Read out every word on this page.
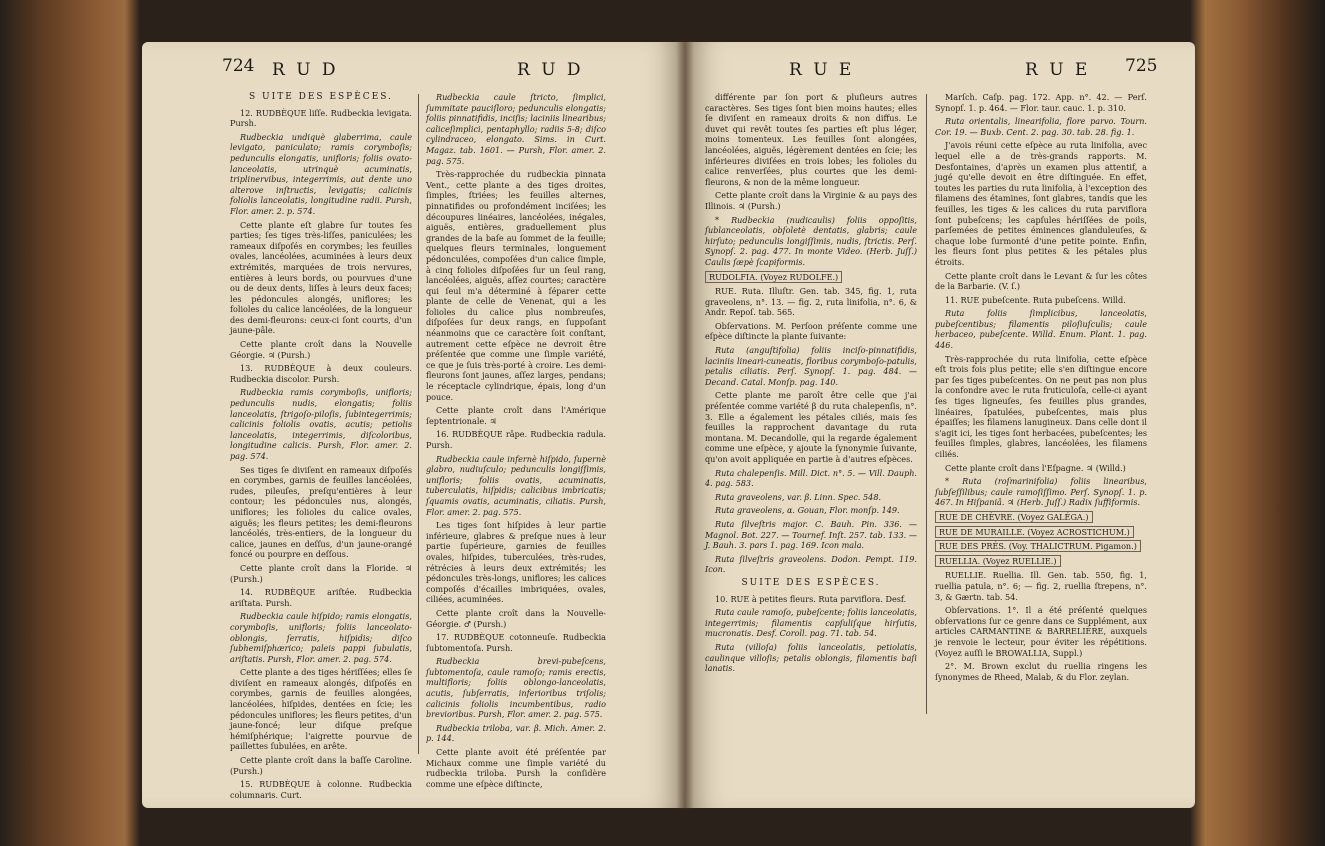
724 R U D	R U D

S UITE DES ESPÈCES.

12. RUDBÈQUE liſſe. Rudbeckia levigata. Pursh.

Rudbeckia undiquè glaberrima, caule levigato, paniculato; ramis corymboſis; pedunculis elongatis, unifloris; foliis ovato-lanceolatis, utrinquè acuminatis, triplinervibus, integerrimis, aut dente uno alterove inſtructis, levigatis; calicinis foliolis lanceolatis, longitudine radii. Pursh, Flor. amer. 2. p. 574.

Cette plante eſt glabre ſur toutes ſes parties; ſes tiges très-liſſes, paniculées; les rameaux diſpoſés en corymbes; les feuilles ovales, lancéolées, acuminées à leurs deux extrémités, marquées de trois nervures, entières à leurs bords, ou pourvues d'une ou de deux dents, liſſes à leurs deux faces; les pédoncules alongés, uniflores; les folioles du calice lancéolées, de la longueur des demi-fleurons: ceux-ci ſont courts, d'un jaune-pâle.

Cette plante croît dans la Nouvelle Géorgie. ♃ (Pursh.)

13. RUDBÈQUE à deux couleurs. Rudbeckia discolor. Pursh.

Rudbeckia ramis corymboſis, unifloris; pedunculis nudis, elongatis; foliis lanceolatis, ſtrigoſo-piloſis, ſubintegerrimis; calicinis foliolis ovatis, acutis; petiolis lanceolatis, integerrimis, diſcoloribus, longitudine calicis. Pursh, Flor. amer. 2. pag. 574.

Ses tiges ſe diviſent en rameaux diſpoſés en corymbes, garnis de feuilles lancéolées, rudes, pileuſes, preſqu'entières à leur contour; les pédoncules nus, alongés, uniflores; les folioles du calice ovales, aiguës; les fleurs petites; les demi-fleurons lancéolés, très-entiers, de la longueur du calice, jaunes en deſſus, d'un jaune-orangé foncé ou pourpre en deſſous.

Cette plante croît dans la Floride. ♃ (Pursh.)

14. RUDBÈQUE ariſtée. Rudbeckia ariſtata. Pursh.

Rudbeckia caule hiſpido; ramis elongatis, corymboſis, unifloris; foliis lanceolato-oblongis, ſerratis, hiſpidis; diſco ſubhemiſphærico; paleis pappi ſubulatis, ariſtatis. Pursh, Flor. amer. 2. pag. 574.

Cette plante a des tiges hériſſées; elles ſe diviſent en rameaux alongés, diſpoſés en corymbes, garnis de feuilles alongées, lancéolées, hiſpides, dentées en ſcie; les pédoncules uniflores; les fleurs petites, d'un jaune-foncé; leur diſque preſque hémiſphérique; l'aigrette pourvue de paillettes ſubulées, en arête.

Cette plante croît dans la baſſe Caroline. (Pursh.)

15. RUDBÈQUE à colonne. Rudbeckia columnaris. Curt.

Rudbeckia caule ſtricto, ſimplici, ſummitate pauciſloro; pedunculis elongatis; foliis pinnatifidis, inciſis; laciniis linearibus; caliceſimplici, pentaphyllo; radiis 5-8; diſco cylindraceo, elongato. Sims. in Curt. Magaz. tab. 1601. — Pursh, Flor. amer. 2. pag. 575.

Très-rapprochée du rudbeckia pinnata Vent., cette plante a des tiges droites, ſimples, ſtriées; les feuilles alternes, pinnatifides ou profondément inciſées; les découpures linéaires, lancéolées, inégales, aiguës, entières, graduellement plus grandes de la baſe au ſommet de la feuille; quelques fleurs terminales, longuement pédonculées, compoſées d'un calice ſimple, à cinq folioles diſpoſées ſur un ſeul rang, lancéolées, aiguës, aſſez courtes; caractère qui ſeul m'a déterminé à ſéparer cette plante de celle de Venenat, qui a les folioles du calice plus nombreuſes, diſpoſées ſur deux rangs, en ſuppoſant néanmoins que ce caractère ſoit conſtant, autrement cette eſpèce ne devroit être préſentée que comme une ſimple variété, ce que je ſuis très-porté à croire. Les demi-fleurons ſont jaunes, aſſez larges, pendans; le réceptacle cylindrique, épais, long d'un pouce.

Cette plante croît dans l'Amérique ſeptentrionale. ♃

16. RUDBÈQUE râpe. Rudbeckia radula. Pursh.

Rudbeckia caule infernè hiſpido, ſupernè glabro, nudiuſculo; pedunculis longiſſimis, unifloris; foliis ovatis, acuminatis, tuberculatis, hiſpidis; calicibus imbricatis; ſquamis ovatis, acuminatis, ciliatis. Pursh, Flor. amer. 2. pag. 575.

Les tiges ſont hiſpides à leur partie inférieure, glabres & preſque nues à leur partie ſupérieure, garnies de feuilles ovales, hiſpides, tuberculées, très-rudes, rétrécies à leurs deux extrémités; les pédoncules très-longs, uniflores; les calices compoſés d'écailles imbriquées, ovales, ciliées, acuminées.

Cette plante croît dans la Nouvelle-Géorgie. ♂ (Pursh.)

17. RUDBÈQUE cotonneuſe. Rudbeckia ſubtomentoſa. Pursh.

Rudbeckia brevi-pubeſcens, ſubtomentoſa, caule ramoſo; ramis erectis, multifloris; foliis oblongo-lanceolatis, acutis, ſubſerratis, inferioribus triſolis; calicinis foliolis incumbentibus, radio brevioribus. Pursh, Flor. amer. 2. pag. 575.

Rudbeckia triloba, var. β. Mich. Amer. 2. p. 144.

Cette plante avoit été préſentée par Michaux comme une ſimple variété du rudbeckia triloba. Pursh la conſidère comme une eſpèce diſtincte,

R U E	R U E 725

différente par ſon port & pluſieurs autres caractères. Ses tiges ſont bien moins hautes; elles ſe diviſent en rameaux droits & non diffus. Le duvet qui revêt toutes ſes parties eſt plus léger, moins tomenteux. Les feuilles ſont alongées, lancéolées, aiguës, légèrement dentées en ſcie; les inférieures diviſées en trois lobes; les folioles du calice renverſées, plus courtes que les demi-fleurons, & non de la même longueur.

Cette plante croît dans la Virginie & au pays des Illinois. ♃ (Pursh.)

* Rudbeckia (nudicaulis) foliis oppoſitis, ſublanceolatis, obſoletè dentatis, glabris; caule hirſuto; pedunculis longiſſimis, nudis, ſtrictis. Perſ. Synopſ. 2. pag. 477. In monte Video. (Herb. Juſſ.) Caulis ſæpè ſcapiformis.

RUDOLFIA. (Voyez RUDOLFE.)

RUE. Ruta. Illuſtr. Gen. tab. 345, fig. 1, ruta graveolens, n°. 13. — fig. 2, ruta linifolia, n°. 6, & Andr. Repoſ. tab. 565.

Obſervations. M. Perſoon préſente comme une eſpèce diſtincte la plante ſuivante:

Ruta (anguſtifolia) foliis inciſo-pinnatifidis, laciniis lineari-cuneatis, floribus corymboſo-patulis, petalis ciliatis. Perſ. Synopſ. 1. pag. 484. — Decand. Catal. Monſp. pag. 140.

Cette plante me paroît être celle que j'ai préſentée comme variété β du ruta chalepenſis, n°. 3. Elle a également les pétales ciliés, mais ſes feuilles la rapprochent davantage du ruta montana. M. Decandolle, qui la regarde également comme une eſpèce, y ajoute la ſynonymie ſuivante, qu'on avoit appliquée en partie à d'autres eſpèces.

Ruta chalepenſis. Mill. Dict. n°. 5. — Vill. Dauph. 4. pag. 583.

Ruta graveolens, var. β. Linn. Spec. 548.

Ruta graveolens, α. Gouan, Flor. monſp. 149.

Ruta ſilveſtris major. C. Bauh. Pin. 336. — Magnol. Bot. 227. — Tournef. Inſt. 257. tab. 133. — J. Bauh. 3. pars 1. pag. 169. Icon mala.

Ruta ſilveſtris graveolens. Dodon. Pempt. 119. Icon.

SUITE DES ESPÈCES.

10. RUE à petites fleurs. Ruta parviflora. Desf.

Ruta caule ramoſo, pubeſcente; foliis lanceolatis, integerrimis; filamentis capſuliſque hirſutis, mucronatis. Desf. Coroll. pag. 71. tab. 54.

Ruta (villoſa) foliis lanceolatis, petiolatis, caulinque villoſis; petalis oblongis, filamentis baſi lanatis.

Marſch. Caſp. pag. 172. App. n°. 42. — Perſ. Synopſ. 1. p. 464. — Flor. taur. cauc. 1. p. 310.

Ruta orientalis, linearifolia, flore parvo. Tourn. Cor. 19. — Buxb. Cent. 2. pag. 30. tab. 28. fig. 1.

J'avois réuni cette eſpèce au ruta linifolia, avec lequel elle a de très-grands rapports. M. Desfontaines, d'après un examen plus attentif, a jugé qu'elle devoit en être diſtinguée. En effet, toutes les parties du ruta linifolia, à l'exception des filamens des étamines, ſont glabres, tandis que les feuilles, les tiges & les calices du ruta parviflora ſont pubeſcens; les capſules hériſſées de poils, parſemées de petites éminences glanduleuſes, & chaque lobe ſurmonté d'une petite pointe. Enfin, les fleurs ſont plus petites & les pétales plus étroits.

Cette plante croît dans le Levant & ſur les côtes de la Barbarie. (V. ſ.)

11. RUE pubeſcente. Ruta pubeſcens. Willd.

Ruta foliis ſimplicibus, lanceolatis, pubeſcentibus; filamentis piloſiuſculis; caule herbaceo, pubeſcente. Willd. Enum. Plant. 1. pag. 446.

Très-rapprochée du ruta linifolia, cette eſpèce eſt trois fois plus petite; elle s'en diſtingue encore par ſes tiges pubeſcentes. On ne peut pas non plus la confondre avec le ruta fruticuloſa, celle-ci ayant ſes tiges ligneuſes, ſes feuilles plus grandes, linéaires, ſpatulées, pubeſcentes, mais plus épaiſſes; les filamens lanugineux. Dans celle dont il s'agit ici, les tiges ſont herbacées, pubeſcentes; les feuilles ſimples, glabres, lancéolées, les filamens ciliés.

Cette plante croît dans l'Eſpagne. ♃ (Willd.)

* Ruta (roſmarinifolia) foliis linearibus, ſubſeſſilibus; caule ramoſiſſimo. Perſ. Synopſ. 1. p. 467. In Hiſpaniâ. ♃ (Herb. Juſſ.) Radix ſuffiformis.

RUE DE CHÈVRE. (Voyez GALÉGA.)

RUE DE MURAILLE. (Voyez ACROSTICHUM.)

RUE DES PRÉS. (Voy. THALICTRUM. Pigamon.)

RUELLIA. (Voyez RUELLIE.)

RUELLIE. Ruellia. Ill. Gen. tab. 550, fig. 1, ruellia patula, n°. 6; — fig. 2, ruellia ſtrepens, n°. 3, & Gærtn. tab. 54.

Obſervations. 1°. Il a été préſenté quelques obſervations ſur ce genre dans ce Supplément, aux articles CARMANTINE & BARRELIÈRE, auxquels je renvoie le lecteur, pour éviter les répétitions. (Voyez auſſi le BROWALLIA, Suppl.)

2°. M. Brown exclut du ruellia ringens les ſynonymes de Rheed, Malab, & du Flor. zeylan.
